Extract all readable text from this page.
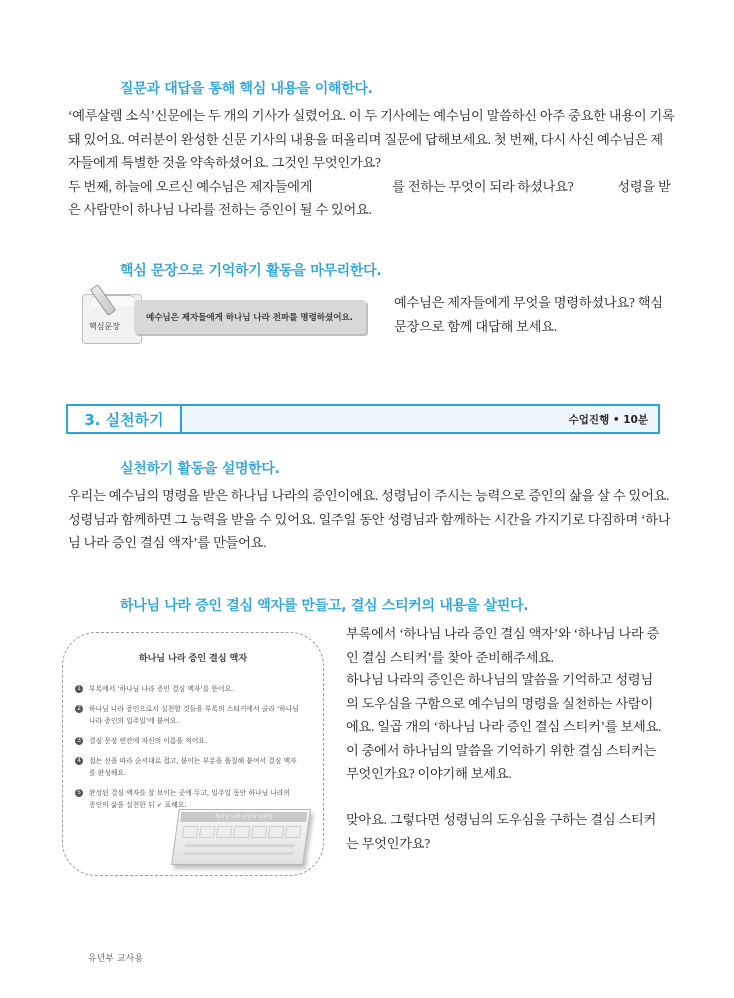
질문과 대답을 통해 핵심 내용을 이해한다.

‘예루살렘 소식’신문에는 두 개의 기사가 실렸어요. 이 두 기사에는 예수님이 말씀하신 아주 중요한 내용이 기록

돼 있어요. 여러분이 완성한 신문 기사의 내용을 떠올리며 질문에 답해보세요. 첫 번째, 다시 사신 예수님은 제

자들에게 특별한 것을 약속하셨어요. 그것인 무엇인가요?

두 번째, 하늘에 오르신 예수님은 제자들에게	를 전하는 무엇이 되라 하셨나요?	성령을 받

은 사람만이 하나님 나라를 전하는 증인이 될 수 있어요.

핵심 문장으로 기억하기 활동을 마무리한다.
핵심문장
예수님은 제자들에게 하나님 나라 전파를 명령하셨어요.

예수님은 제자들에게 무엇을 명령하셨나요? 핵심

문장으로 함께 대답해 보세요.

3. 실천하기	수업진행 • 10분
실천하기 활동을 설명한다.

우리는 예수님의 명령을 받은 하나님 나라의 증인이에요. 성령님이 주시는 능력으로 증인의 삶을 살 수 있어요.

성령님과 함께하면 그 능력을 받을 수 있어요. 일주일 동안 성령님과 함께하는 시간을 가지기로 다짐하며 ‘하나

님 나라 증인 결심 액자’를 만들어요.

하나님 나라 증인 결심 액자를 만들고, 결심 스티커의 내용을 살핀다.
하나님 나라 증인 결심 액자
1 부록에서 ‘하나님 나라 증인 결심 액자’를 뜯어요.
2 하나님 나라 증인으로서 실천할 것들을 부록의 스티커에서 골라 ‘하나님
나라 증인의 일주일’에 붙여요.
3 결심 문장 빈칸에 자신의 이름을 적어요.
4 접는 선을 따라 순서대로 접고, 붙이는 부분을 풀칠해 붙여서 결심 액자
를 완성해요.
5 완성된 결심 액자를 잘 보이는 곳에 두고, 일주일 동안 하나님 나라의
증인의 삶을 실천한 뒤 ✓ 표해요.
하나님 나라 증인의 일주일

부록에서 ‘하나님 나라 증인 결심 액자’와 ‘하나님 나라 증

인 결심 스티커’를 찾아 준비해주세요.

하나님 나라의 증인은 하나님의 말씀을 기억하고 성령님

의 도우심을 구함으로 예수님의 명령을 실천하는 사람이

에요. 일곱 개의 ‘하나님 나라 증인 결심 스티커’를 보세요.

이 중에서 하나님의 말씀을 기억하기 위한 결심 스티커는

무엇인가요? 이야기해 보세요.

맞아요. 그렇다면 성령님의 도우심을 구하는 결심 스티커

는 무엇인가요?

유년부 교사용
